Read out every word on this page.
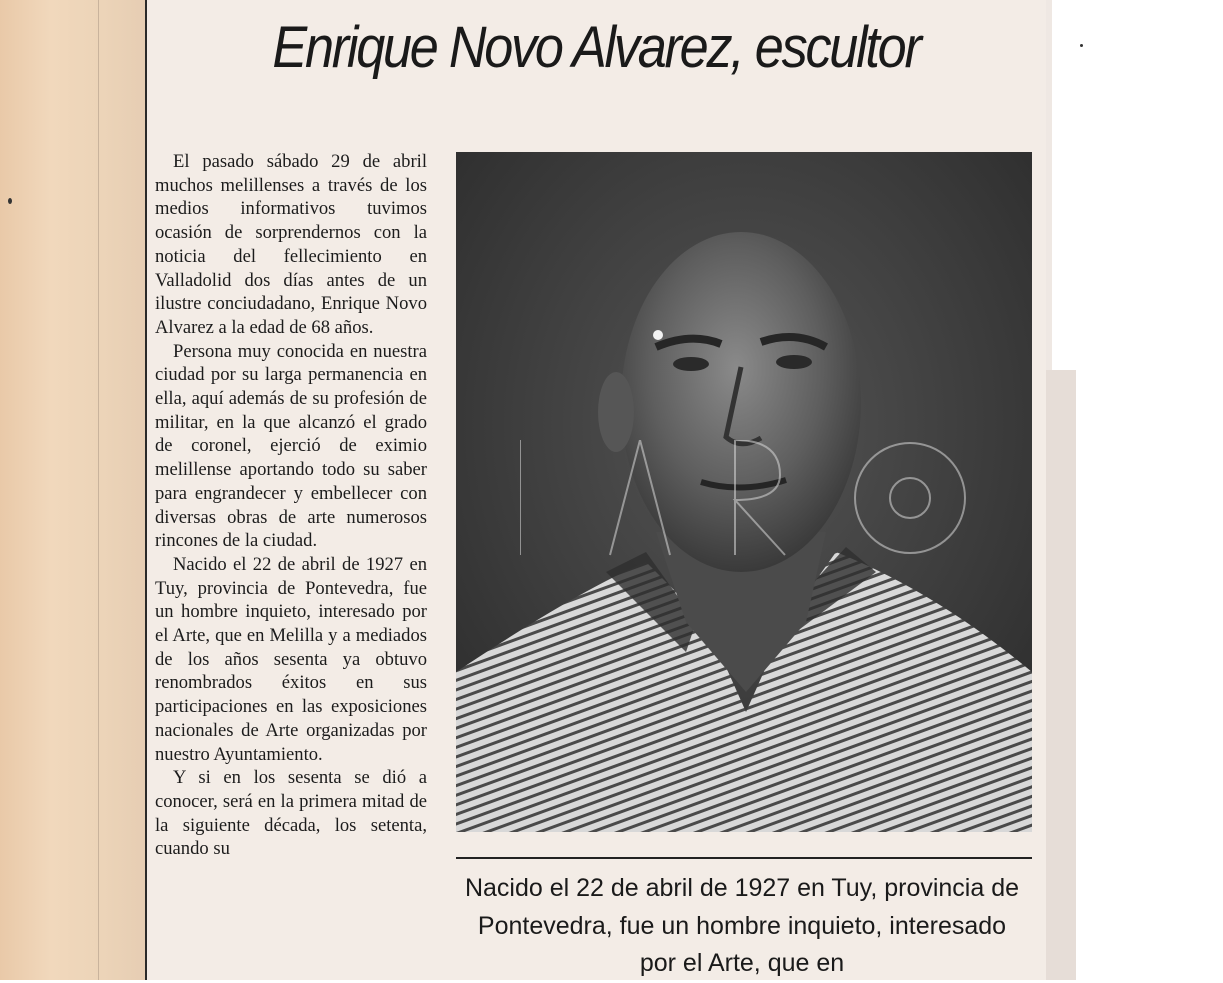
Enrique Novo Alvarez, escultor

El pasado sábado 29 de abril muchos melillenses a través de los medios informativos tuvimos ocasión de sorprendernos con la noticia del fellecimiento en Valladolid dos días antes de un ilustre conciudadano, Enrique Novo Alvarez a la edad de 68 años.

Persona muy conocida en nuestra ciudad por su larga permanencia en ella, aquí además de su profesión de militar, en la que alcanzó el grado de coronel, ejerció de eximio melillense aportando todo su saber para engrandecer y embellecer con diversas obras de arte numerosos rincones de la ciudad.

Nacido el 22 de abril de 1927 en Tuy, provincia de Pontevedra, fue un hombre inquieto, interesado por el Arte, que en Melilla y a mediados de los años sesenta ya obtuvo renombrados éxitos en sus participaciones en las exposiciones nacionales de Arte organizadas por nuestro Ayuntamiento.

Y si en los sesenta se dió a conocer, será en la primera mitad de la siguiente década, los setenta, cuando su

Nacido el 22 de abril de 1927 en Tuy, provincia de Pontevedra, fue un hombre inquieto, interesado por el Arte, que en
